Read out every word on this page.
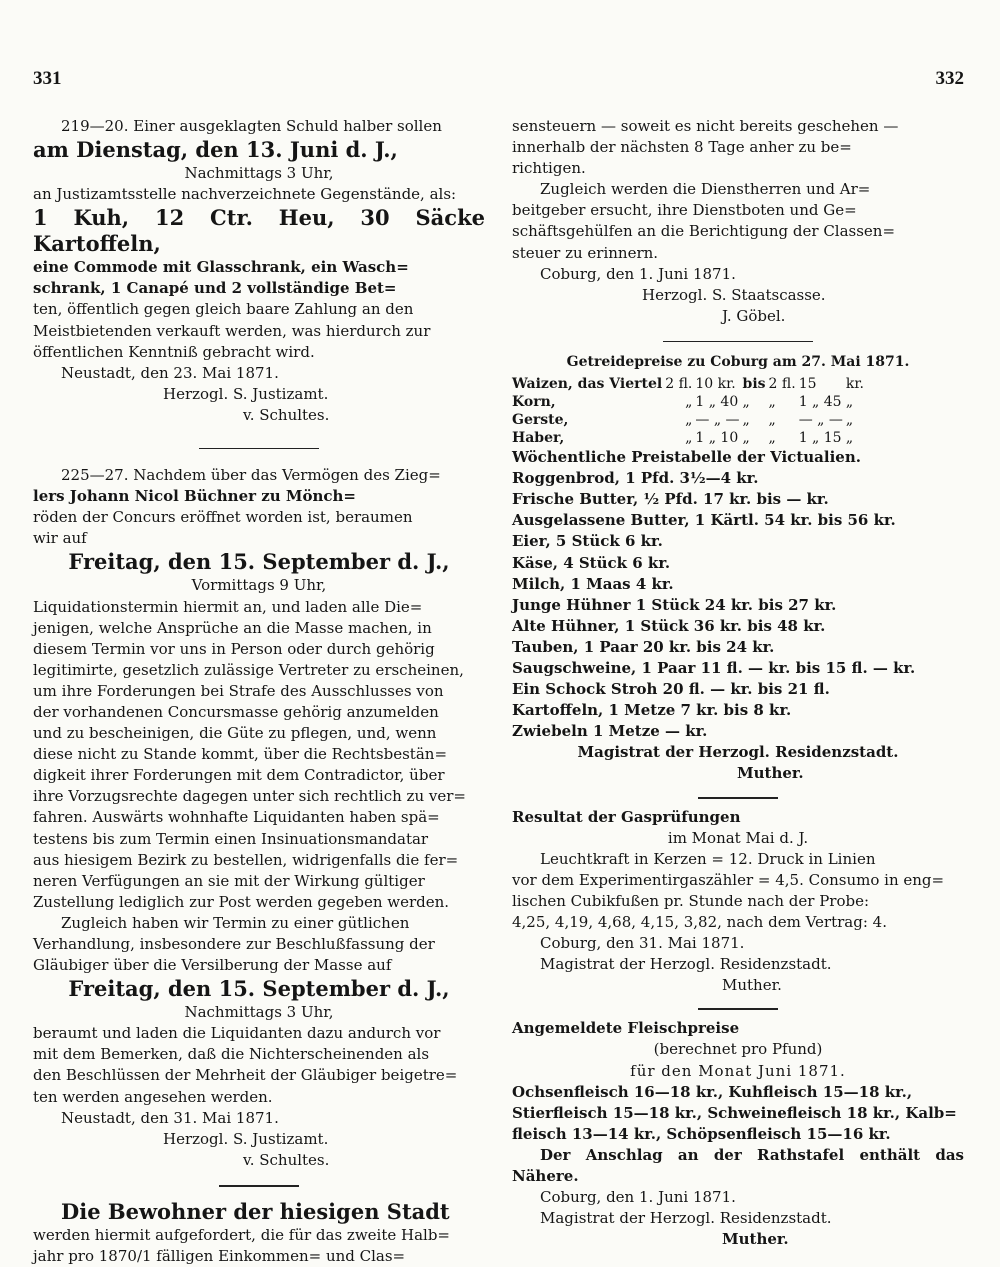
331	332

219—20. Einer ausgeklagten Schuld halber sollen

am Dienstag, den 13. Juni d. J.,

Nachmittags 3 Uhr,

an Justizamtsstelle nachverzeichnete Gegenstände, als:

1 Kuh, 12 Ctr. Heu, 30 Säcke Kartoffeln,

eine Commode mit Glasschrank, ein Wasch=

schrank, 1 Canapé und 2 vollständige Bet=

ten, öffentlich gegen gleich baare Zahlung an den

Meistbietenden verkauft werden, was hierdurch zur

öffentlichen Kenntniß gebracht wird.

Neustadt, den 23. Mai 1871.

Herzogl. S. Justizamt.

v. Schultes.

225—27. Nachdem über das Vermögen des Zieg=

lers Johann Nicol Büchner zu Mönch=

röden der Concurs eröffnet worden ist, beraumen

wir auf

Freitag, den 15. September d. J.,

Vormittags 9 Uhr,

Liquidationstermin hiermit an, und laden alle Die=

jenigen, welche Ansprüche an die Masse machen, in

diesem Termin vor uns in Person oder durch gehörig

legitimirte, gesetzlich zulässige Vertreter zu erscheinen,

um ihre Forderungen bei Strafe des Ausschlusses von

der vorhandenen Concursmasse gehörig anzumelden

und zu bescheinigen, die Güte zu pflegen, und, wenn

diese nicht zu Stande kommt, über die Rechtsbestän=

digkeit ihrer Forderungen mit dem Contradictor, über

ihre Vorzugsrechte dagegen unter sich rechtlich zu ver=

fahren. Auswärts wohnhafte Liquidanten haben spä=

testens bis zum Termin einen Insinuationsmandatar

aus hiesigem Bezirk zu bestellen, widrigenfalls die fer=

neren Verfügungen an sie mit der Wirkung gültiger

Zustellung lediglich zur Post werden gegeben werden.

Zugleich haben wir Termin zu einer gütlichen

Verhandlung, insbesondere zur Beschlußfassung der

Gläubiger über die Versilberung der Masse auf

Freitag, den 15. September d. J.,

Nachmittags 3 Uhr,

beraumt und laden die Liquidanten dazu andurch vor

mit dem Bemerken, daß die Nichterscheinenden als

den Beschlüssen der Mehrheit der Gläubiger beigetre=

ten werden angesehen werden.

Neustadt, den 31. Mai 1871.

Herzogl. S. Justizamt.

v. Schultes.

Die Bewohner der hiesigen Stadt

werden hiermit aufgefordert, die für das zweite Halb=

jahr pro 1870/1 fälligen Einkommen= und Clas=

sensteuern — soweit es nicht bereits geschehen —

innerhalb der nächsten 8 Tage anher zu be=

richtigen.

Zugleich werden die Dienstherren und Ar=

beitgeber ersucht, ihre Dienstboten und Ge=

schäftsgehülfen an die Berichtigung der Classen=

steuer zu erinnern.

Coburg, den 1. Juni 1871.

Herzogl. S. Staatscasse.

J. Göbel.

Getreidepreise zu Coburg am 27. Mai 1871.

Waizen, das Viertel	2 fl.	10 kr.	bis	2 fl.	15	kr.
Korn,	„	1 „ 40	„	„	1 „ 45	„
Gerste,	„	— „ —	„	„	— „ —	„
Haber,	„	1 „ 10	„	„	1 „ 15	„

Wöchentliche Preistabelle der Victualien.

Roggenbrod, 1 Pfd. 3½—4 kr.

Frische Butter, ½ Pfd. 17 kr. bis — kr.

Ausgelassene Butter, 1 Kärtl. 54 kr. bis 56 kr.

Eier, 5 Stück 6 kr.

Käse, 4 Stück 6 kr.

Milch, 1 Maas 4 kr.

Junge Hühner 1 Stück 24 kr. bis 27 kr.

Alte Hühner, 1 Stück 36 kr. bis 48 kr.

Tauben, 1 Paar 20 kr. bis 24 kr.

Saugschweine, 1 Paar 11 fl. — kr. bis 15 fl. — kr.

Ein Schock Stroh 20 fl. — kr. bis 21 fl.

Kartoffeln, 1 Metze 7 kr. bis 8 kr.

Zwiebeln 1 Metze — kr.

Magistrat der Herzogl. Residenzstadt.

Muther.

Resultat der Gasprüfungen

im Monat Mai d. J.

Leuchtkraft in Kerzen = 12. Druck in Linien

vor dem Experimentirgaszähler = 4,5. Consumo in eng=

lischen Cubikfußen pr. Stunde nach der Probe:

4,25, 4,19, 4,68, 4,15, 3,82, nach dem Vertrag: 4.

Coburg, den 31. Mai 1871.

Magistrat der Herzogl. Residenzstadt.

Muther.

Angemeldete Fleischpreise

(berechnet pro Pfund)

für den Monat Juni 1871.

Ochsenfleisch 16—18 kr., Kuhfleisch 15—18 kr.,

Stierfleisch 15—18 kr., Schweinefleisch 18 kr., Kalb=

fleisch 13—14 kr., Schöpsenfleisch 15—16 kr.

Der Anschlag an der Rathstafel enthält das Nähere.

Coburg, den 1. Juni 1871.

Magistrat der Herzogl. Residenzstadt.

Muther.
